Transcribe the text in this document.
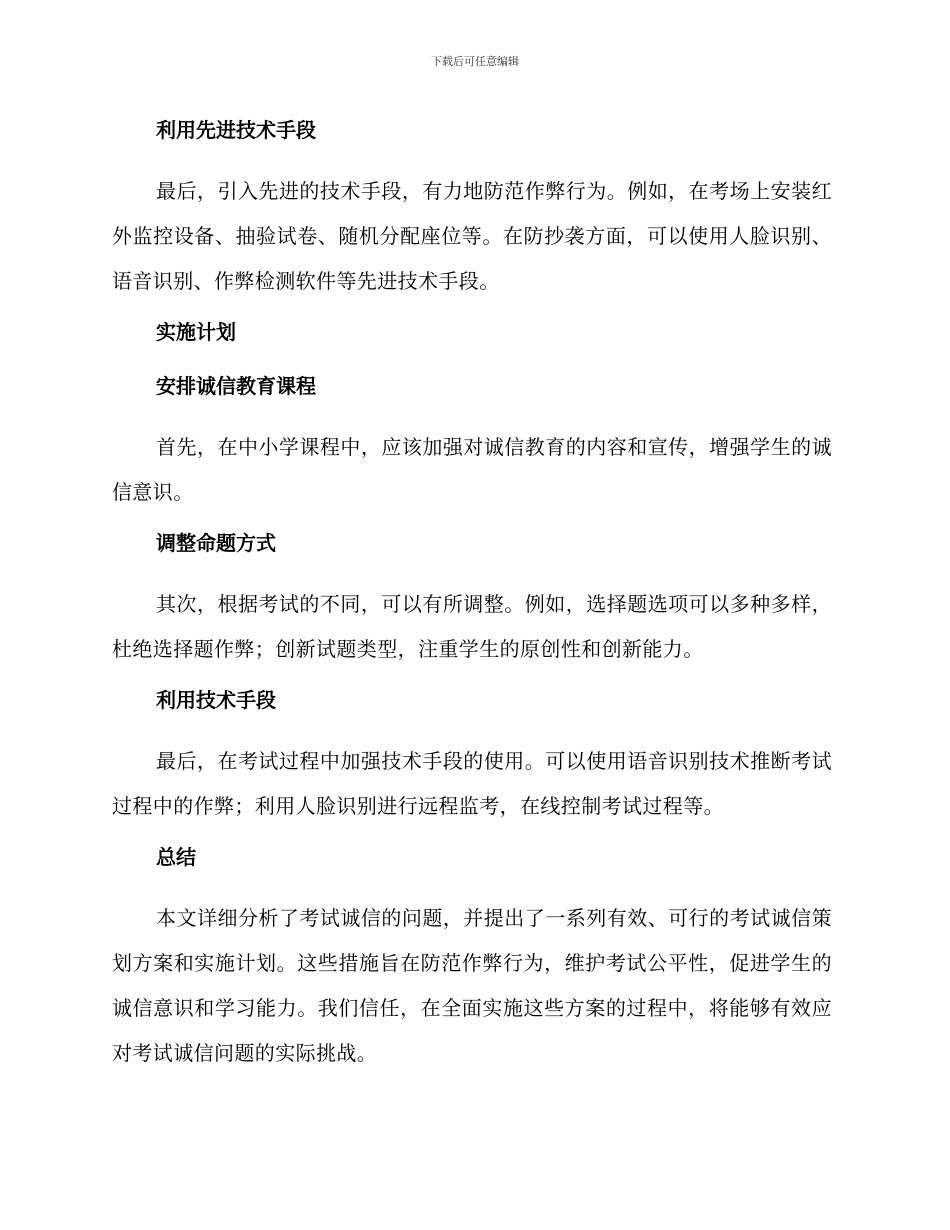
下载后可任意编辑
利用先进技术手段

最后，引入先进的技术手段，有力地防范作弊行为。例如，在考场上安装红外监控设备、抽验试卷、随机分配座位等。在防抄袭方面，可以使用人脸识别、语音识别、作弊检测软件等先进技术手段。

实施计划
安排诚信教育课程

首先，在中小学课程中，应该加强对诚信教育的内容和宣传，增强学生的诚信意识。

调整命题方式

其次，根据考试的不同，可以有所调整。例如，选择题选项可以多种多样，杜绝选择题作弊；创新试题类型，注重学生的原创性和创新能力。

利用技术手段

最后，在考试过程中加强技术手段的使用。可以使用语音识别技术推断考试过程中的作弊；利用人脸识别进行远程监考，在线控制考试过程等。

总结

本文详细分析了考试诚信的问题，并提出了一系列有效、可行的考试诚信策划方案和实施计划。这些措施旨在防范作弊行为，维护考试公平性，促进学生的诚信意识和学习能力。我们信任，在全面实施这些方案的过程中，将能够有效应对考试诚信问题的实际挑战。
